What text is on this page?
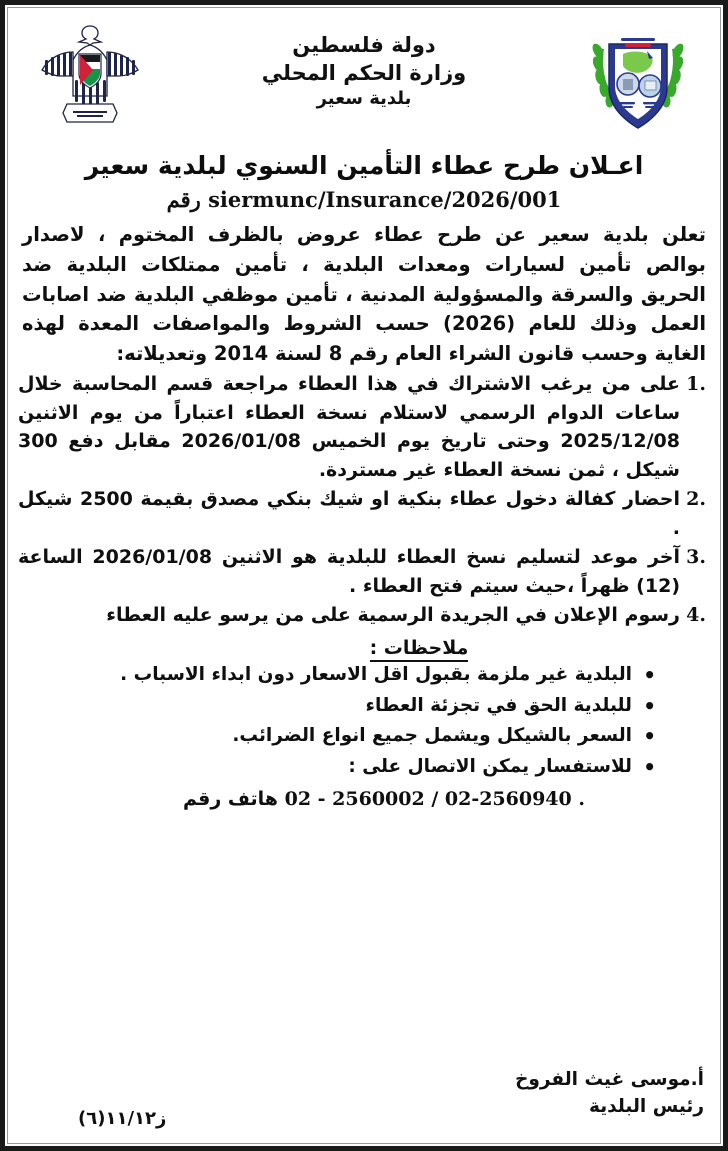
دولة فلسطين
وزارة الحكم المحلي
بلدية سعير
اعـلان طرح عطاء التأمين السنوي لبلدية سعير
siermunc/Insurance/2026/001 رقم
تعلن بلدية سعير عن طرح عطاء عروض بالظرف المختوم ، لاصدار بوالص تأمين لسيارات ومعدات البلدية ، تأمين ممتلكات البلدية ضد الحريق والسرقة والمسؤولية المدنية ، تأمين موظفي البلدية ضد اصابات العمل وذلك للعام (2026) حسب الشروط والمواصفات المعدة لهذه الغاية وحسب قانون الشراء العام رقم 8 لسنة 2014 وتعديلاته:
على من يرغب الاشتراك في هذا العطاء مراجعة قسم المحاسبة خلال ساعات الدوام الرسمي لاستلام نسخة العطاء اعتباراً من يوم الاثنين 2025/12/08 وحتى تاريخ يوم الخميس 2026/01/08 مقابل دفع 300 شيكل ، ثمن نسخة العطاء غير مستردة.
احضار كفالة دخول عطاء بنكية او شيك بنكي مصدق بقيمة 2500 شيكل .
آخر موعد لتسليم نسخ العطاء للبلدية هو الاثنين 2026/01/08 الساعة (12) ظهراً ،حيث سيتم فتح العطاء .
رسوم الإعلان في الجريدة الرسمية على من يرسو عليه العطاء
ملاحظات :
• البلدية غير ملزمة بقبول اقل الاسعار دون ابداء الاسباب .
• للبلدية الحق في تجزئة العطاء
• السعر بالشيكل ويشمل جميع انواع الضرائب.
• للاستفسار يمكن الاتصال على :
02 - 2560002 / 02-2560940 . هاتف رقم
أ.موسى غيث الفروخ
رئيس البلدية
ز١١/١٢(٦)
